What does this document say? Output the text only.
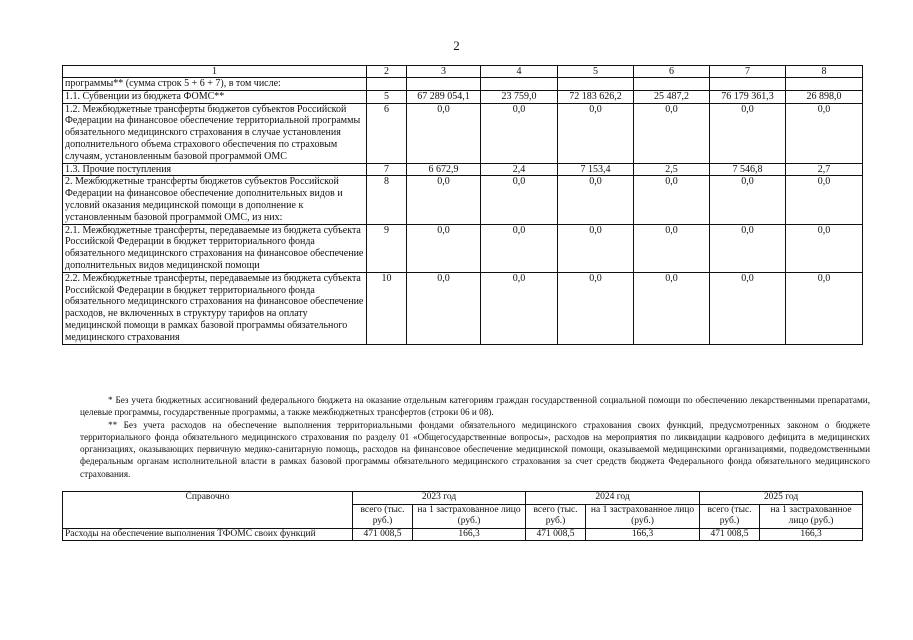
2
1	2	3	4	5	6	7	8
программы** (сумма строк 5 + 6 + 7), в том числе:							
1.1. Субвенции из бюджета ФОМС**	5	67 289 054,1	23 759,0	72 183 626,2	25 487,2	76 179 361,3	26 898,0
1.2. Межбюджетные трансферты бюджетов субъектов Российской Федерации на финансовое обеспечение территориальной программы обязательного медицинского страхования в случае установления дополнительного объема страхового обеспечения по страховым случаям, установленным базовой программой ОМС	6	0,0	0,0	0,0	0,0	0,0	0,0
1.3. Прочие поступления	7	6 672,9	2,4	7 153,4	2,5	7 546,8	2,7
2. Межбюджетные трансферты бюджетов субъектов Российской Федерации на финансовое обеспечение дополнительных видов и условий оказания медицинской помощи в дополнение к установленным базовой программой ОМС, из них:	8	0,0	0,0	0,0	0,0	0,0	0,0
2.1. Межбюджетные трансферты, передаваемые из бюджета субъекта Российской Федерации в бюджет территориального фонда обязательного медицинского страхования на финансовое обеспечение дополнительных видов медицинской помощи	9	0,0	0,0	0,0	0,0	0,0	0,0
2.2. Межбюджетные трансферты, передаваемые из бюджета субъекта Российской Федерации в бюджет территориального фонда обязательного медицинского страхования на финансовое обеспечение расходов, не включенных в структуру тарифов на оплату медицинской помощи в рамках базовой программы обязательного медицинского страхования	10	0,0	0,0	0,0	0,0	0,0	0,0

* Без учета бюджетных ассигнований федерального бюджета на оказание отдельным категориям граждан государственной социальной помощи по обеспечению лекарственными препаратами, целевые программы, государственные программы, а также межбюджетных трансфертов (строки 06 и 08).

** Без учета расходов на обеспечение выполнения территориальными фондами обязательного медицинского страхования своих функций, предусмотренных законом о бюджете территориального фонда обязательного медицинского страхования по разделу 01 «Общегосударственные вопросы», расходов на мероприятия по ликвидации кадрового дефицита в медицинских организациях, оказывающих первичную медико-санитарную помощь, расходов на финансовое обеспечение медицинской помощи, оказываемой медицинскими организациями, подведомственными федеральным органам исполнительной власти в рамках базовой программы обязательного медицинского страхования за счет средств бюджета Федерального фонда обязательного медицинского страхования.

Справочно	2023 год		2024 год		2025 год	
	всего (тыс. руб.)	на 1 застрахованное лицо (руб.)	всего (тыс. руб.)	на 1 застрахованное лицо (руб.)	всего (тыс. руб.)	на 1 застрахованное лицо (руб.)
Расходы на обеспечение выполнения ТФОМС своих функций	471 008,5	166,3	471 008,5	166,3	471 008,5	166,3
